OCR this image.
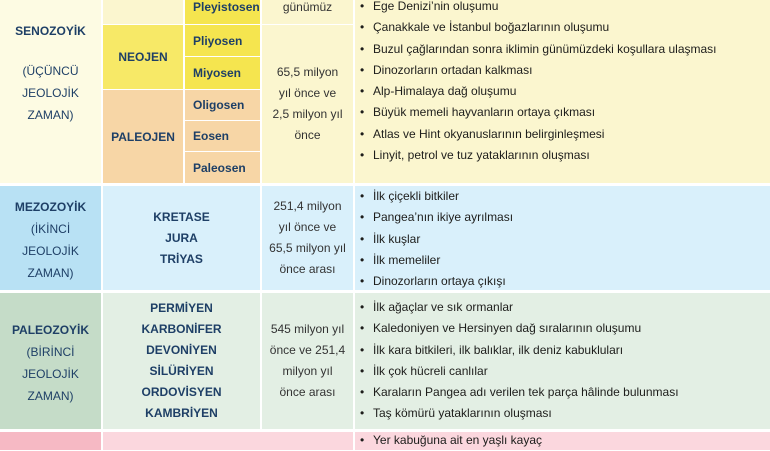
SENOZOYİK
(ÜÇÜNCÜ
JEOLOJİK
ZAMAN)
NEOJEN
PALEOJEN
Pleyistosen
Pliyosen
Miyosen
Oligosen
Eosen
Paleosen
günümüz
65,5 milyon
yıl önce ve
2,5 milyon yıl
önce
• Ege Denizi’nin oluşumu
• Çanakkale ve İstanbul boğazlarının oluşumu
• Buzul çağlarından sonra iklimin günümüzdeki koşullara ulaşması
• Dinozorların ortadan kalkması
• Alp-Himalaya dağ oluşumu
• Büyük memeli hayvanların ortaya çıkması
• Atlas ve Hint okyanuslarının belirginleşmesi
• Linyit, petrol ve tuz yataklarının oluşması
MEZOZOYİK
(İKİNCİ
JEOLOJİK
ZAMAN)
KRETASE
JURA
TRİYAS
251,4 milyon
yıl önce ve
65,5 milyon yıl
önce arası
• İlk çiçekli bitkiler
• Pangea’nın ikiye ayrılması
• İlk kuşlar
• İlk memeliler
• Dinozorların ortaya çıkışı
PALEOZOYİK
(BİRİNCİ
JEOLOJİK
ZAMAN)
PERMİYEN
KARBONİFER
DEVONİYEN
SİLÜRİYEN
ORDOVİSYEN
KAMBRİYEN
545 milyon yıl
önce ve 251,4
milyon yıl
önce arası
• İlk ağaçlar ve sık ormanlar
• Kaledoniyen ve Hersinyen dağ sıralarının oluşumu
• İlk kara bitkileri, ilk balıklar, ilk deniz kabukluları
• İlk çok hücreli canlılar
• Karaların Pangea adı verilen tek parça hâlinde bulunması
• Taş kömürü yataklarının oluşması
• Yer kabuğuna ait en yaşlı kayaç
